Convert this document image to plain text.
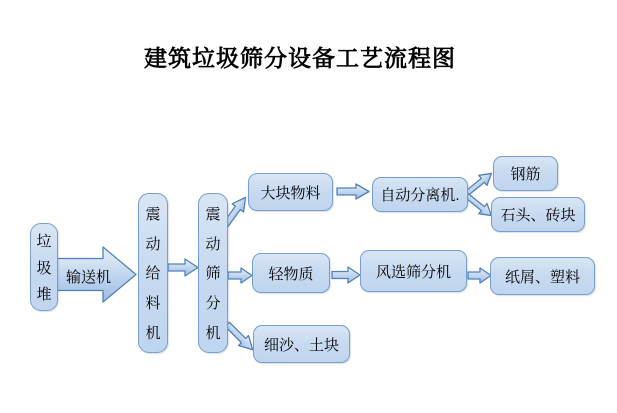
建筑垃圾筛分设备工艺流程图
输送机
垃
圾
堆
震
动
给
料
机
震
动
筛
分
机
大块物料	自动分离机.
钢筋
石头、砖块
轻物质	风选筛分机	纸屑、塑料
细沙、土块
